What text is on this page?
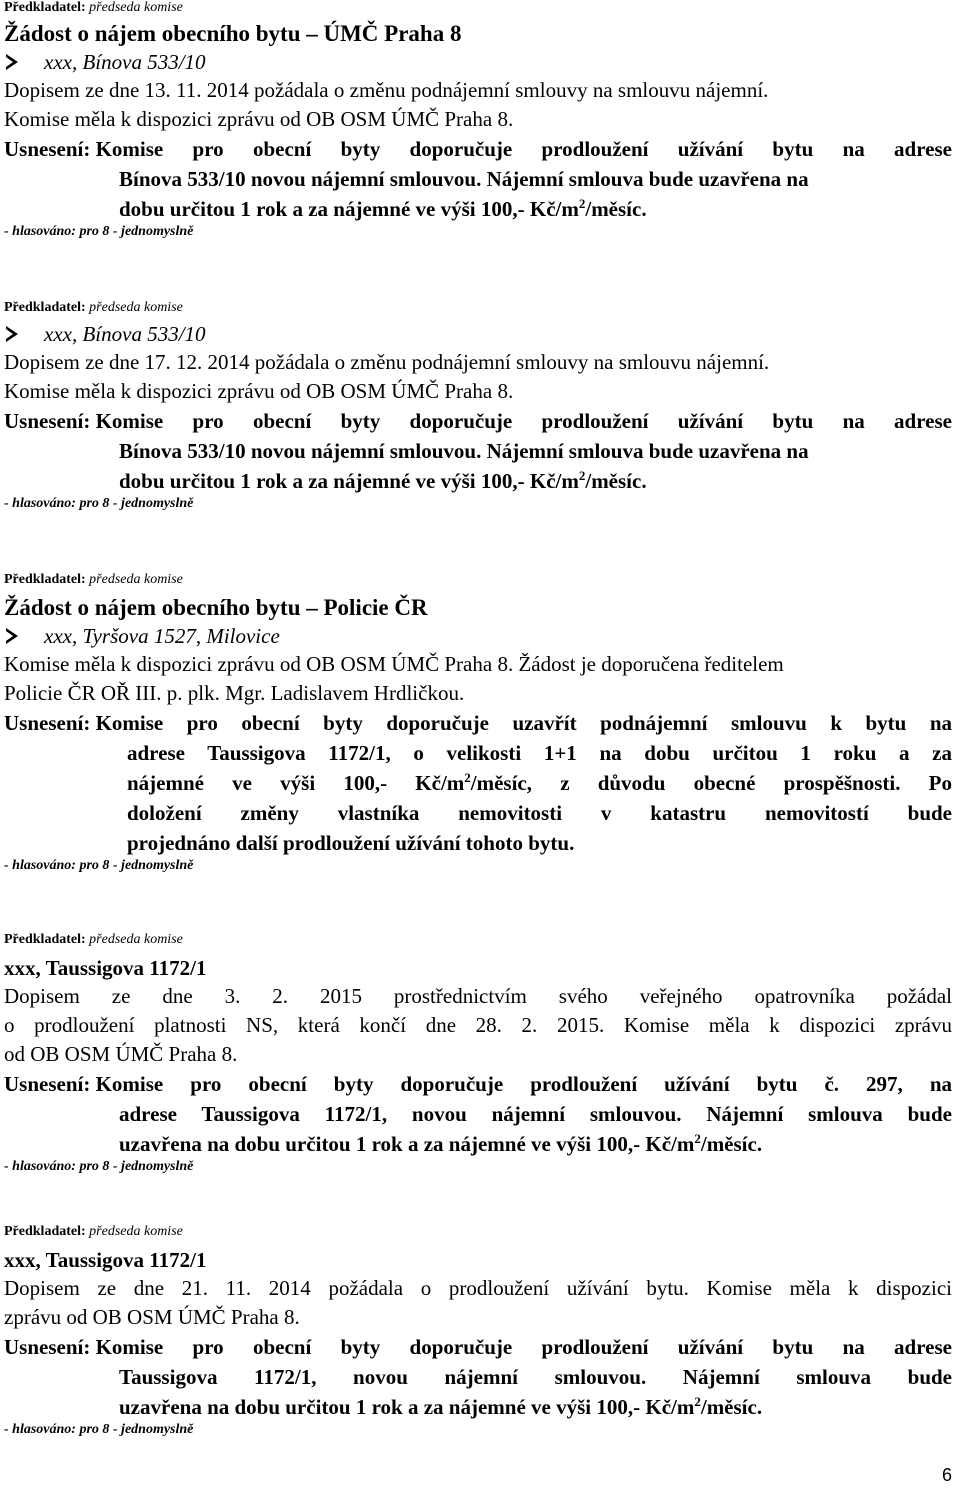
Předkladatel: předseda komise
Žádost o nájem obecního bytu – ÚMČ Praha 8
xxx, Bínova 533/10
Dopisem ze dne 13. 11. 2014 požádala o změnu podnájemní smlouvy na smlouvu nájemní.
Komise měla k dispozici zprávu od OB OSM ÚMČ Praha 8.
Usnesení: Komise pro obecní byty doporučuje prodloužení užívání bytu na adrese
Bínova 533/10 novou nájemní smlouvou. Nájemní smlouva bude uzavřena na
dobu určitou 1 rok a za nájemné ve výši 100,- $Kč/m^2$/měsíc.
- hlasováno: pro 8 - jednomyslně
Předkladatel: předseda komise
xxx, Bínova 533/10
Dopisem ze dne 17. 12. 2014 požádala o změnu podnájemní smlouvy na smlouvu nájemní.
Komise měla k dispozici zprávu od OB OSM ÚMČ Praha 8.
Usnesení: Komise pro obecní byty doporučuje prodloužení užívání bytu na adrese
Bínova 533/10 novou nájemní smlouvou. Nájemní smlouva bude uzavřena na
dobu určitou 1 rok a za nájemné ve výši 100,- $Kč/m^2$/měsíc.
- hlasováno: pro 8 - jednomyslně
Předkladatel: předseda komise
Žádost o nájem obecního bytu – Policie ČR
xxx, Tyršova 1527, Milovice
Komise měla k dispozici zprávu od OB OSM ÚMČ Praha 8. Žádost je doporučena ředitelem
Policie ČR OŘ III. p. plk. Mgr. Ladislavem Hrdličkou.
Usnesení: Komise pro obecní byty doporučuje uzavřít podnájemní smlouvu k bytu na
adrese Taussigova 1172/1, o velikosti 1+1 na dobu určitou 1 roku a za
nájemné ve výši 100,- $Kč/m^2$/měsíc, z důvodu obecné prospěšnosti. Po
doložení změny vlastníka nemovitosti v katastru nemovitostí bude
projednáno další prodloužení užívání tohoto bytu.
- hlasováno: pro 8 - jednomyslně
Předkladatel: předseda komise
xxx, Taussigova 1172/1
Dopisem ze dne 3. 2. 2015 prostřednictvím svého veřejného opatrovníka požádal
o prodloužení platnosti NS, která končí dne 28. 2. 2015. Komise měla k dispozici zprávu
od OB OSM ÚMČ Praha 8.
Usnesení: Komise pro obecní byty doporučuje prodloužení užívání bytu č. 297, na
adrese Taussigova 1172/1, novou nájemní smlouvou. Nájemní smlouva bude
uzavřena na dobu určitou 1 rok a za nájemné ve výši 100,- $Kč/m^2$/měsíc.
- hlasováno: pro 8 - jednomyslně
Předkladatel: předseda komise
xxx, Taussigova 1172/1
Dopisem ze dne 21. 11. 2014 požádala o prodloužení užívání bytu. Komise měla k dispozici
zprávu od OB OSM ÚMČ Praha 8.
Usnesení: Komise pro obecní byty doporučuje prodloužení užívání bytu na adrese
Taussigova 1172/1, novou nájemní smlouvou. Nájemní smlouva bude
uzavřena na dobu určitou 1 rok a za nájemné ve výši 100,- $Kč/m^2$/měsíc.
- hlasováno: pro 8 - jednomyslně
6
